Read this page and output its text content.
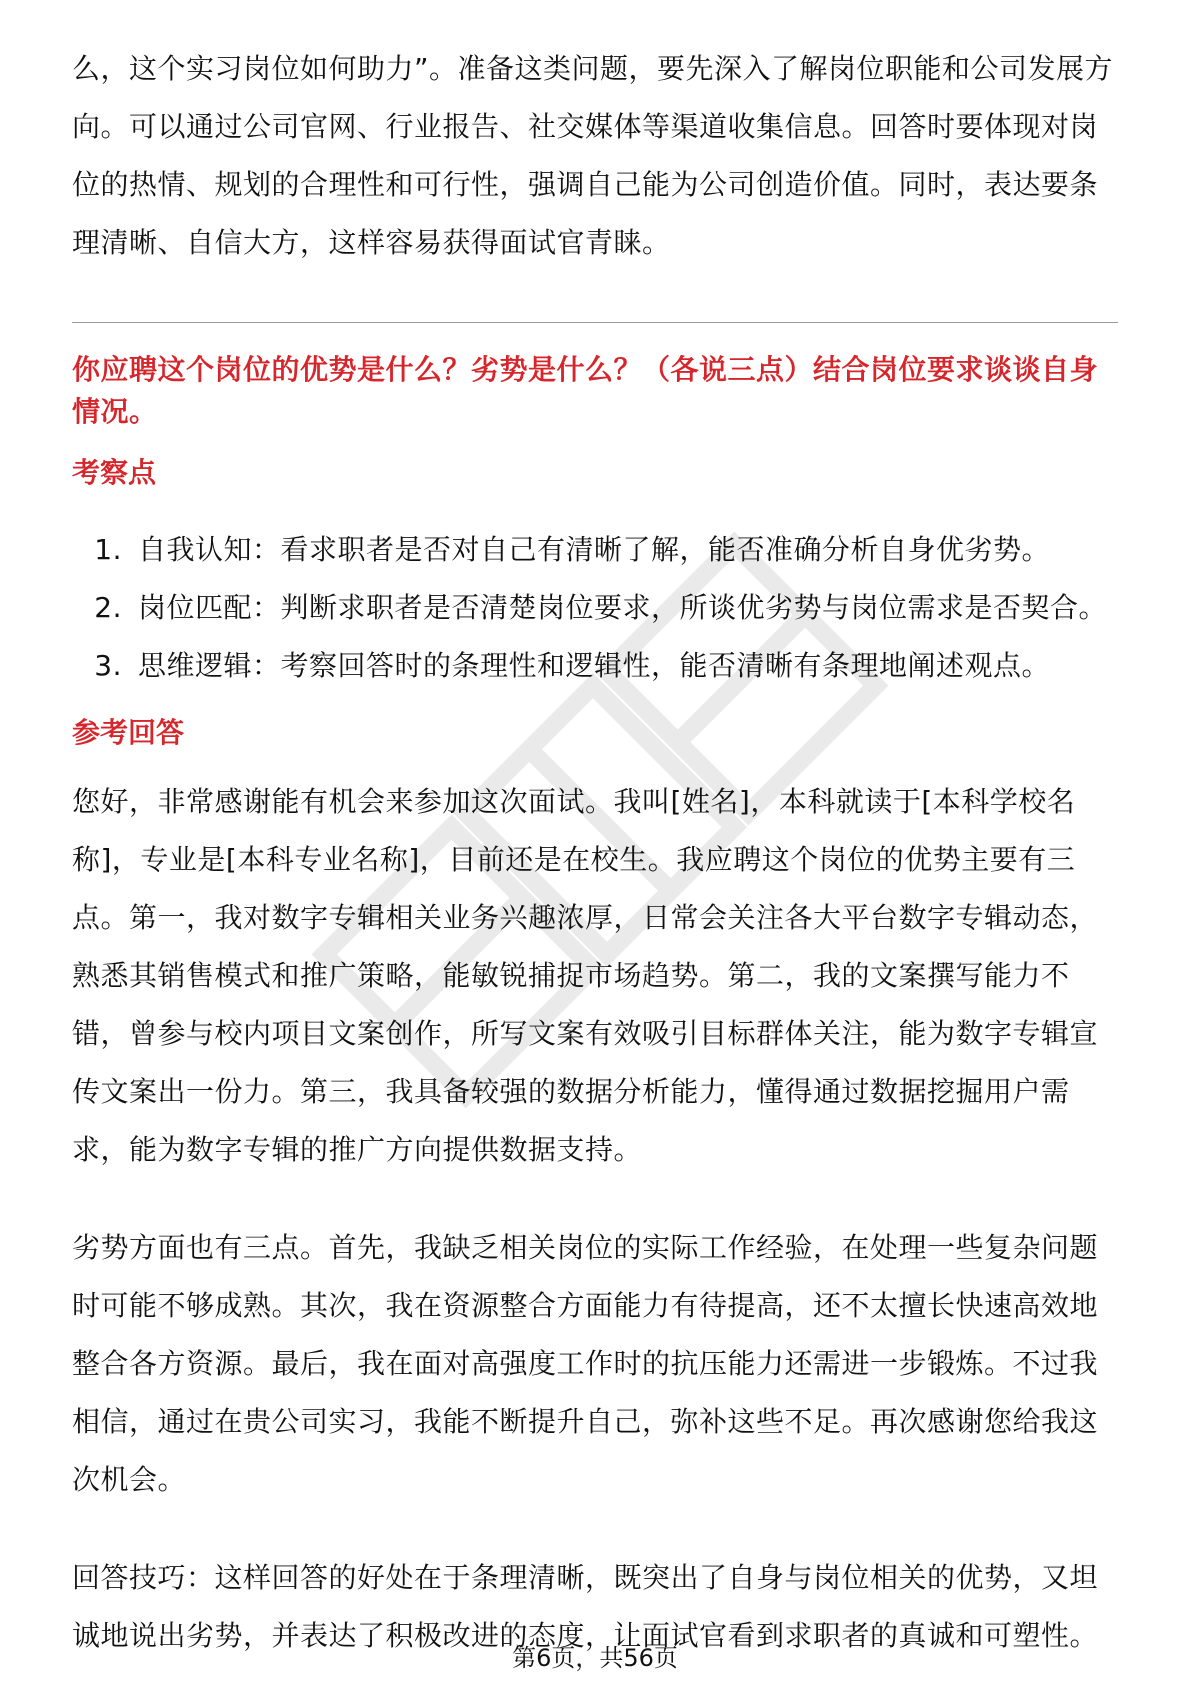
么，这个实习岗位如何助力”。准备这类问题，要先深入了解岗位职能和公司发展方向。可以通过公司官网、行业报告、社交媒体等渠道收集信息。回答时要体现对岗位的热情、规划的合理性和可行性，强调自己能为公司创造价值。同时，表达要条理清晰、自信大方，这样容易获得面试官青睐。

你应聘这个岗位的优势是什么？劣势是什么？（各说三点）结合岗位要求谈谈自身情况。

考察点
1. 自我认知：看求职者是否对自己有清晰了解，能否准确分析自身优劣势。
2. 岗位匹配：判断求职者是否清楚岗位要求，所谈优劣势与岗位需求是否契合。
3. 思维逻辑：考察回答时的条理性和逻辑性，能否清晰有条理地阐述观点。
参考回答

您好，非常感谢能有机会来参加这次面试。我叫[姓名]，本科就读于[本科学校名称]，专业是[本科专业名称]，目前还是在校生。我应聘这个岗位的优势主要有三点。第一，我对数字专辑相关业务兴趣浓厚，日常会关注各大平台数字专辑动态，熟悉其销售模式和推广策略，能敏锐捕捉市场趋势。第二，我的文案撰写能力不错，曾参与校内项目文案创作，所写文案有效吸引目标群体关注，能为数字专辑宣传文案出一份力。第三，我具备较强的数据分析能力，懂得通过数据挖掘用户需求，能为数字专辑的推广方向提供数据支持。

劣势方面也有三点。首先，我缺乏相关岗位的实际工作经验，在处理一些复杂问题时可能不够成熟。其次，我在资源整合方面能力有待提高，还不太擅长快速高效地整合各方资源。最后，我在面对高强度工作时的抗压能力还需进一步锻炼。不过我相信，通过在贵公司实习，我能不断提升自己，弥补这些不足。再次感谢您给我这次机会。

回答技巧：这样回答的好处在于条理清晰，既突出了自身与岗位相关的优势，又坦诚地说出劣势，并表达了积极改进的态度，让面试官看到求职者的真诚和可塑性。

第6页，共56页
